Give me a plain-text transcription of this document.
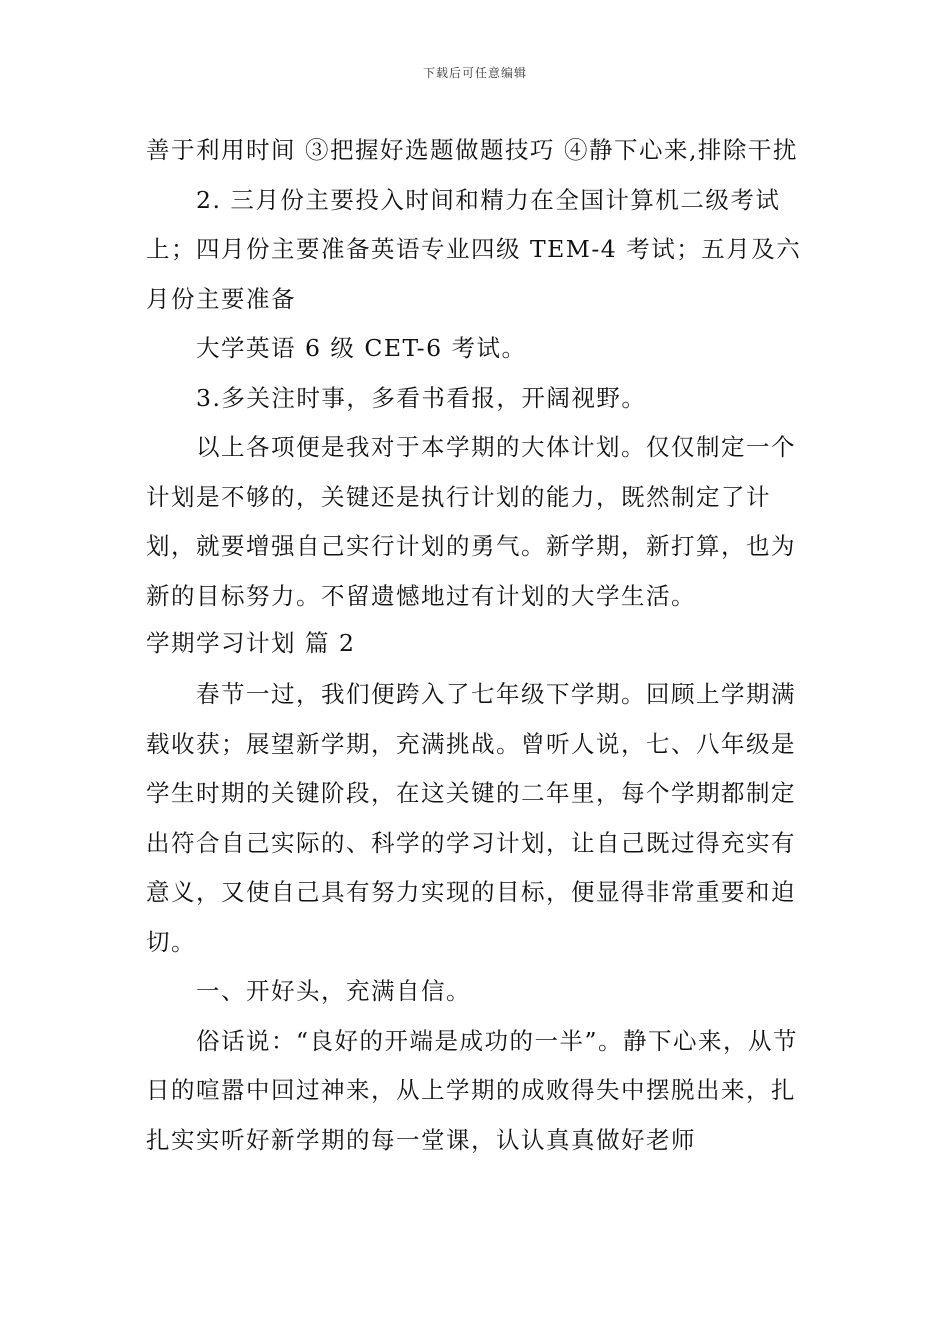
下载后可任意编辑

善于利用时间 ③把握好选题做题技巧 ④静下心来,排除干扰

2. 三月份主要投入时间和精力在全国计算机二级考试上；四月份主要准备英语专业四级 TEM-4 考试；五月及六月份主要准备

大学英语 6 级 CET-6 考试。

3.多关注时事，多看书看报，开阔视野。

以上各项便是我对于本学期的大体计划。仅仅制定一个计划是不够的，关键还是执行计划的能力，既然制定了计划，就要增强自己实行计划的勇气。新学期，新打算，也为新的目标努力。不留遗憾地过有计划的大学生活。

学期学习计划 篇 2

春节一过，我们便跨入了七年级下学期。回顾上学期满载收获；展望新学期，充满挑战。曾听人说，七、八年级是学生时期的关键阶段，在这关键的二年里，每个学期都制定出符合自己实际的、科学的学习计划，让自己既过得充实有意义，又使自己具有努力实现的目标，便显得非常重要和迫切。

一、开好头，充满自信。

俗话说：“良好的开端是成功的一半”。静下心来，从节日的喧嚣中回过神来，从上学期的成败得失中摆脱出来，扎扎实实听好新学期的每一堂课，认认真真做好老师
